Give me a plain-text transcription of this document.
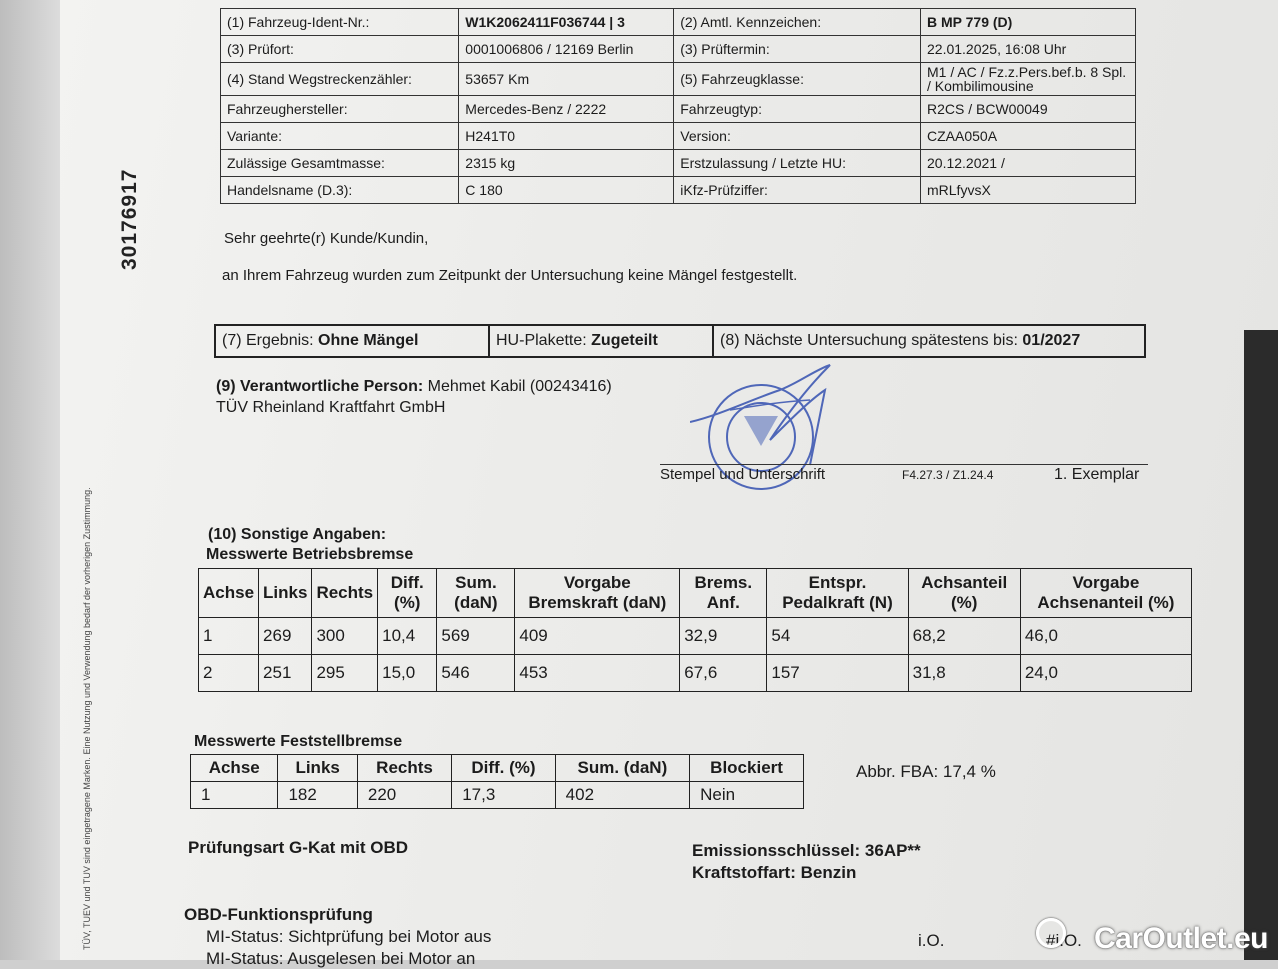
30176917
TÜV, TUEV und TUV sind eingetragene Marken. Eine Nutzung und Verwendung bedarf der vorherigen Zustimmung.
(1) Fahrzeug-Ident-Nr.:	W1K2062411F036744 | 3	(2) Amtl. Kennzeichen:	B MP 779 (D)
(3) Prüfort:	0001006806 / 12169 Berlin	(3) Prüftermin:	22.01.2025, 16:08 Uhr
(4) Stand Wegstreckenzähler:	53657 Km	(5) Fahrzeugklasse:	M1 / AC / Fz.z.Pers.bef.b. 8 Spl. / Kombilimousine
Fahrzeughersteller:	Mercedes-Benz / 2222	Fahrzeugtyp:	R2CS / BCW00049
Variante:	H241T0	Version:	CZAA050A
Zulässige Gesamtmasse:	2315 kg	Erstzulassung / Letzte HU:	20.12.2021 /
Handelsname (D.3):	C 180	iKfz-Prüfziffer:	mRLfyvsX
Sehr geehrte(r) Kunde/Kundin,
an Ihrem Fahrzeug wurden zum Zeitpunkt der Untersuchung keine Mängel festgestellt.
(7) Ergebnis: Ohne Mängel	HU-Plakette: Zugeteilt	(8) Nächste Untersuchung spätestens bis: 01/2027
(9) Verantwortliche Person: Mehmet Kabil (00243416)
TÜV Rheinland Kraftfahrt GmbH
Stempel und Unterschrift	F4.27.3 / Z1.24.4	1. Exemplar
(10) Sonstige Angaben:
Messwerte Betriebsbremse
Achse	Links	Rechts	Diff. (%)	Sum. (daN)	Vorgabe Bremskraft (daN)	Brems. Anf.	Entspr. Pedalkraft (N)	Achsanteil (%)	Vorgabe Achsenanteil (%)
1	269	300	10,4	569	409	32,9	54	68,2	46,0
2	251	295	15,0	546	453	67,6	157	31,8	24,0
Messwerte Feststellbremse
Achse	Links	Rechts	Diff. (%)	Sum. (daN)	Blockiert
1	182	220	17,3	402	Nein
Abbr. FBA: 17,4 %
Prüfungsart G-Kat mit OBD	Emissionsschlüssel: 36AP**
Kraftstoffart: Benzin
OBD-Funktionsprüfung
MI-Status: Sichtprüfung bei Motor aus	i.O.	#i.O.
MI-Status: Ausgelesen bei Motor an
CarOutlet.eu
